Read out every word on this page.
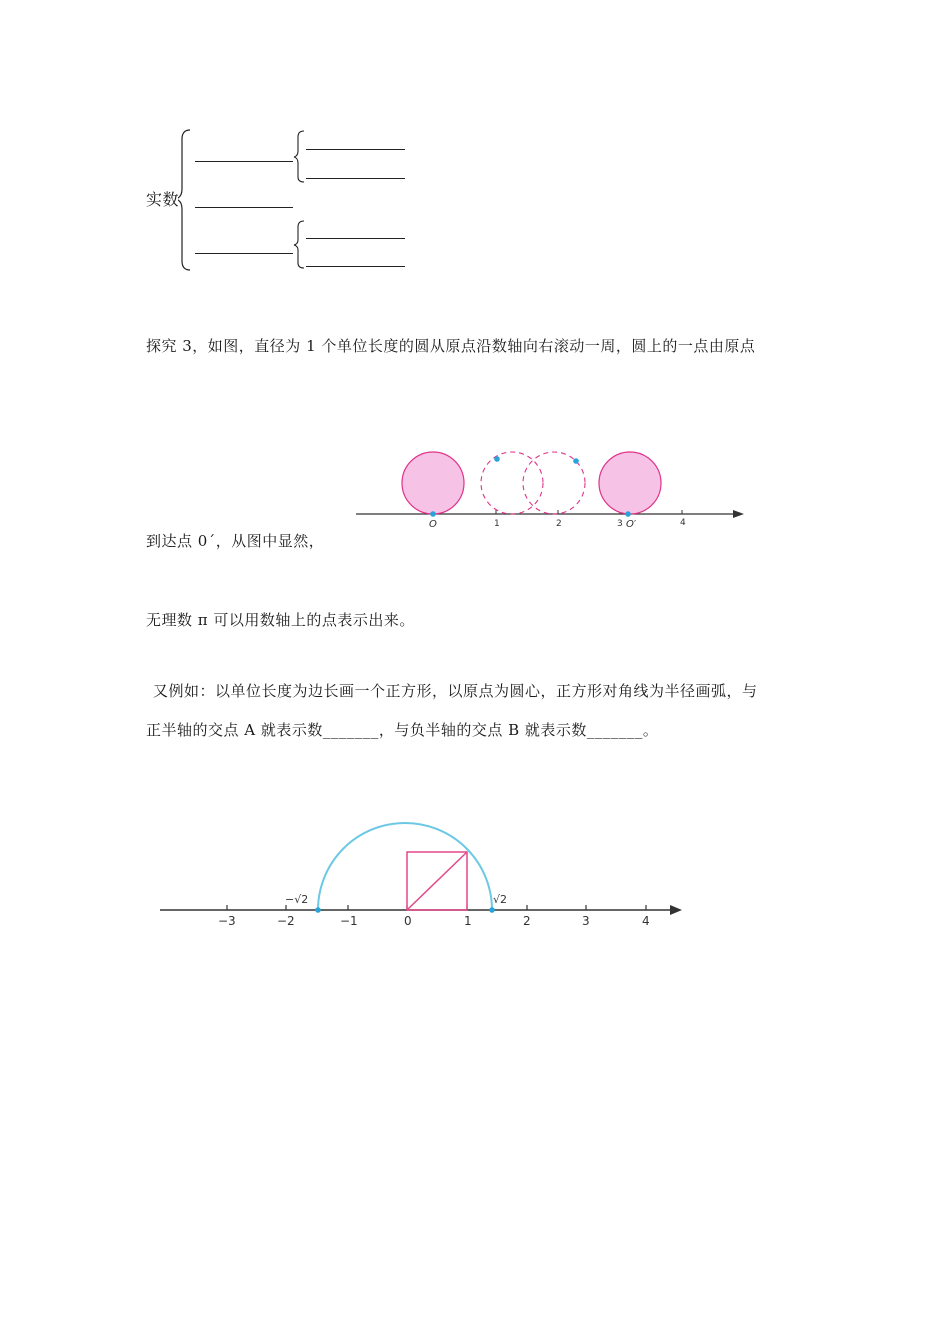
实数
探究 3，如图，直径为 1 个单位长度的圆从原点沿数轴向右滚动一周，圆上的一点由原点
O	1	2	3 O′	4
到达点 0ˊ，从图中显然，
无理数 π 可以用数轴上的点表示出来。
又例如：以单位长度为边长画一个正方形，以原点为圆心，正方形对角线为半径画弧，与
正半轴的交点 A 就表示数_______，与负半轴的交点 B 就表示数_______。
−√2	√2
−3	−2	−1	0	1	2	3	4
